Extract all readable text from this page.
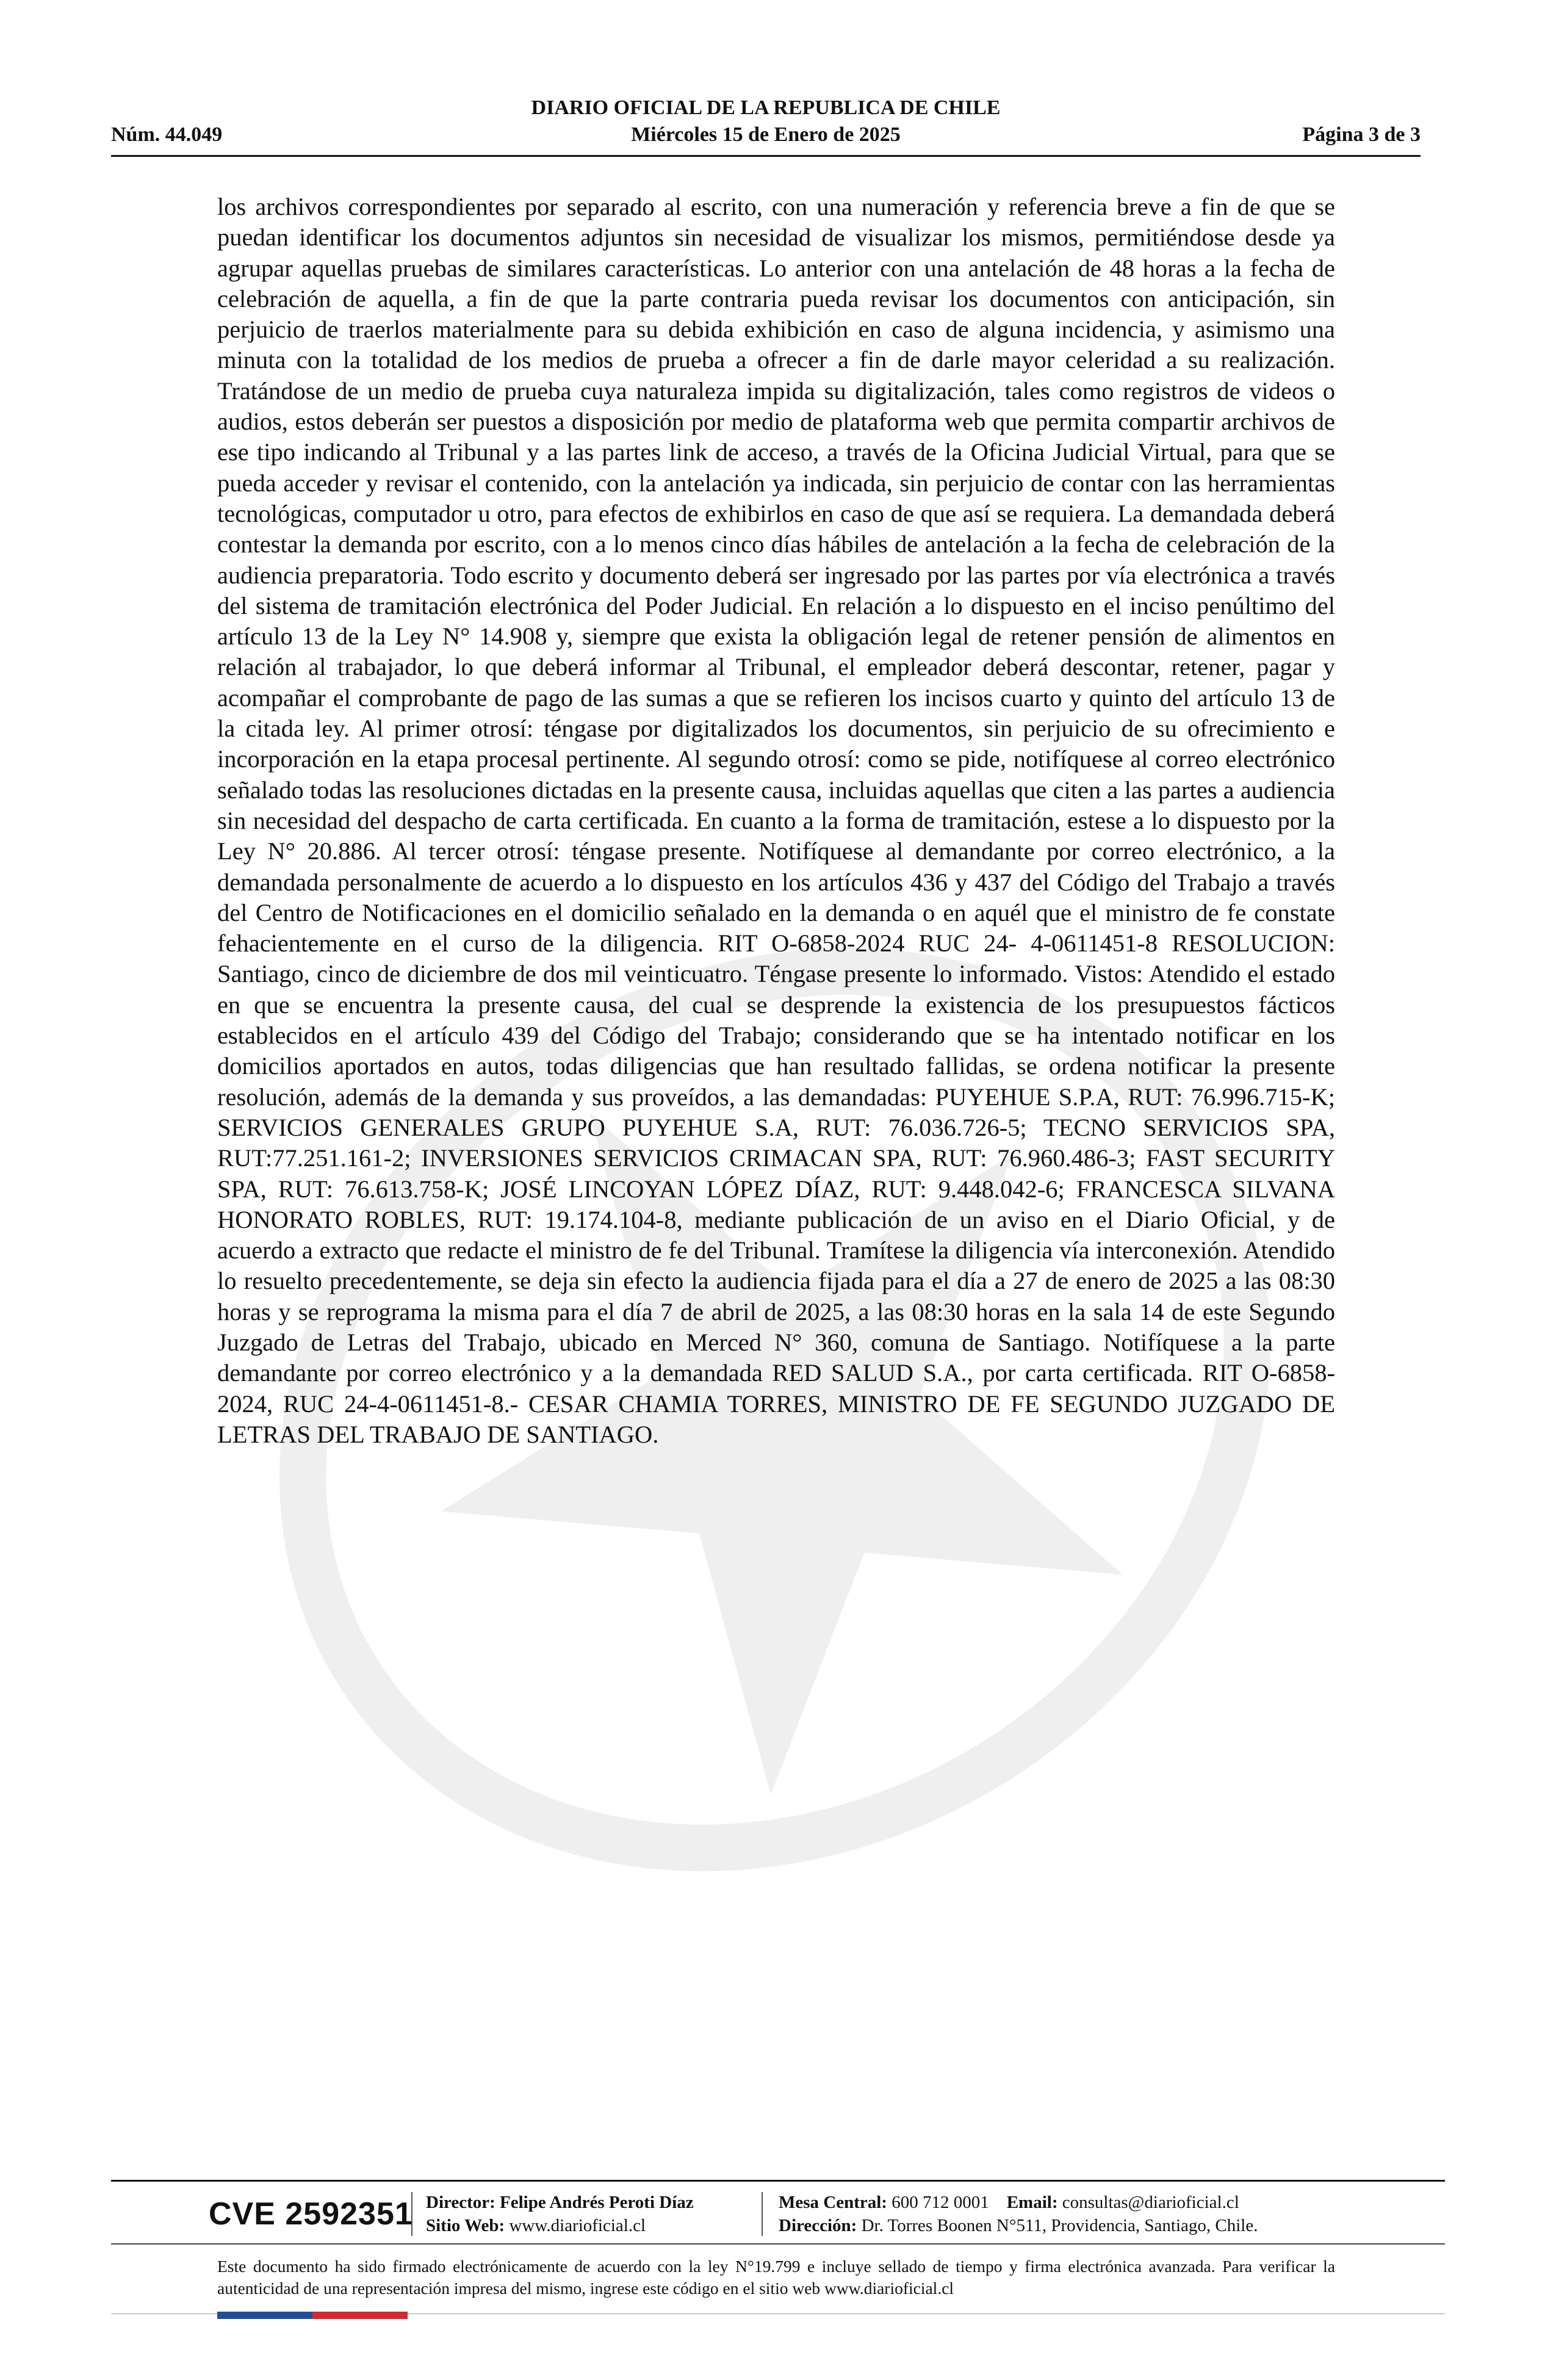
DIARIO OFICIAL DE LA REPUBLICA DE CHILE
Núm. 44.049	Miércoles 15 de Enero de 2025	Página 3 de 3
los archivos correspondientes por separado al escrito, con una numeración y referencia breve a fin de que se puedan identificar los documentos adjuntos sin necesidad de visualizar los mismos, permitiéndose desde ya agrupar aquellas pruebas de similares características. Lo anterior con una antelación de 48 horas a la fecha de celebración de aquella, a fin de que la parte contraria pueda revisar los documentos con anticipación, sin perjuicio de traerlos materialmente para su debida exhibición en caso de alguna incidencia, y asimismo una minuta con la totalidad de los medios de prueba a ofrecer a fin de darle mayor celeridad a su realización. Tratándose de un medio de prueba cuya naturaleza impida su digitalización, tales como registros de videos o audios, estos deberán ser puestos a disposición por medio de plataforma web que permita compartir archivos de ese tipo indicando al Tribunal y a las partes link de acceso, a través de la Oficina Judicial Virtual, para que se pueda acceder y revisar el contenido, con la antelación ya indicada, sin perjuicio de contar con las herramientas tecnológicas, computador u otro, para efectos de exhibirlos en caso de que así se requiera. La demandada deberá contestar la demanda por escrito, con a lo menos cinco días hábiles de antelación a la fecha de celebración de la audiencia preparatoria. Todo escrito y documento deberá ser ingresado por las partes por vía electrónica a través del sistema de tramitación electrónica del Poder Judicial. En relación a lo dispuesto en el inciso penúltimo del artículo 13 de la Ley N° 14.908 y, siempre que exista la obligación legal de retener pensión de alimentos en relación al trabajador, lo que deberá informar al Tribunal, el empleador deberá descontar, retener, pagar y acompañar el comprobante de pago de las sumas a que se refieren los incisos cuarto y quinto del artículo 13 de la citada ley. Al primer otrosí: téngase por digitalizados los documentos, sin perjuicio de su ofrecimiento e incorporación en la etapa procesal pertinente. Al segundo otrosí: como se pide, notifíquese al correo electrónico señalado todas las resoluciones dictadas en la presente causa, incluidas aquellas que citen a las partes a audiencia sin necesidad del despacho de carta certificada. En cuanto a la forma de tramitación, estese a lo dispuesto por la Ley N° 20.886. Al tercer otrosí: téngase presente. Notifíquese al demandante por correo electrónico, a la demandada personalmente de acuerdo a lo dispuesto en los artículos 436 y 437 del Código del Trabajo a través del Centro de Notificaciones en el domicilio señalado en la demanda o en aquél que el ministro de fe constate fehacientemente en el curso de la diligencia. RIT O-6858-2024 RUC 24- 4-0611451-8 RESOLUCION: Santiago, cinco de diciembre de dos mil veinticuatro. Téngase presente lo informado. Vistos: Atendido el estado en que se encuentra la presente causa, del cual se desprende la existencia de los presupuestos fácticos establecidos en el artículo 439 del Código del Trabajo; considerando que se ha intentado notificar en los domicilios aportados en autos, todas diligencias que han resultado fallidas, se ordena notificar la presente resolución, además de la demanda y sus proveídos, a las demandadas: PUYEHUE S.P.A, RUT: 76.996.715-K; SERVICIOS GENERALES GRUPO PUYEHUE S.A, RUT: 76.036.726-5; TECNO SERVICIOS SPA, RUT:77.251.161-2; INVERSIONES SERVICIOS CRIMACAN SPA, RUT: 76.960.486-3; FAST SECURITY SPA, RUT: 76.613.758-K; JOSÉ LINCOYAN LÓPEZ DÍAZ, RUT: 9.448.042-6; FRANCESCA SILVANA HONORATO ROBLES, RUT: 19.174.104-8, mediante publicación de un aviso en el Diario Oficial, y de acuerdo a extracto que redacte el ministro de fe del Tribunal. Tramítese la diligencia vía interconexión. Atendido lo resuelto precedentemente, se deja sin efecto la audiencia fijada para el día a 27 de enero de 2025 a las 08:30 horas y se reprograma la misma para el día 7 de abril de 2025, a las 08:30 horas en la sala 14 de este Segundo Juzgado de Letras del Trabajo, ubicado en Merced N° 360, comuna de Santiago. Notifíquese a la parte demandante por correo electrónico y a la demandada RED SALUD S.A., por carta certificada. RIT O-6858-2024, RUC 24-4-0611451-8.- CESAR CHAMIA TORRES, MINISTRO DE FE SEGUNDO JUZGADO DE LETRAS DEL TRABAJO DE SANTIAGO.
CVE 2592351 Director: Felipe Andrés Peroti Díaz
Sitio Web: www.diarioficial.cl
Mesa Central: 600 712 0001 Email: consultas@diarioficial.cl
Dirección: Dr. Torres Boonen N°511, Providencia, Santiago, Chile.
Este documento ha sido firmado electrónicamente de acuerdo con la ley N°19.799 e incluye sellado de tiempo y firma electrónica avanzada. Para verificar la autenticidad de una representación impresa del mismo, ingrese este código en el sitio web www.diarioficial.cl
